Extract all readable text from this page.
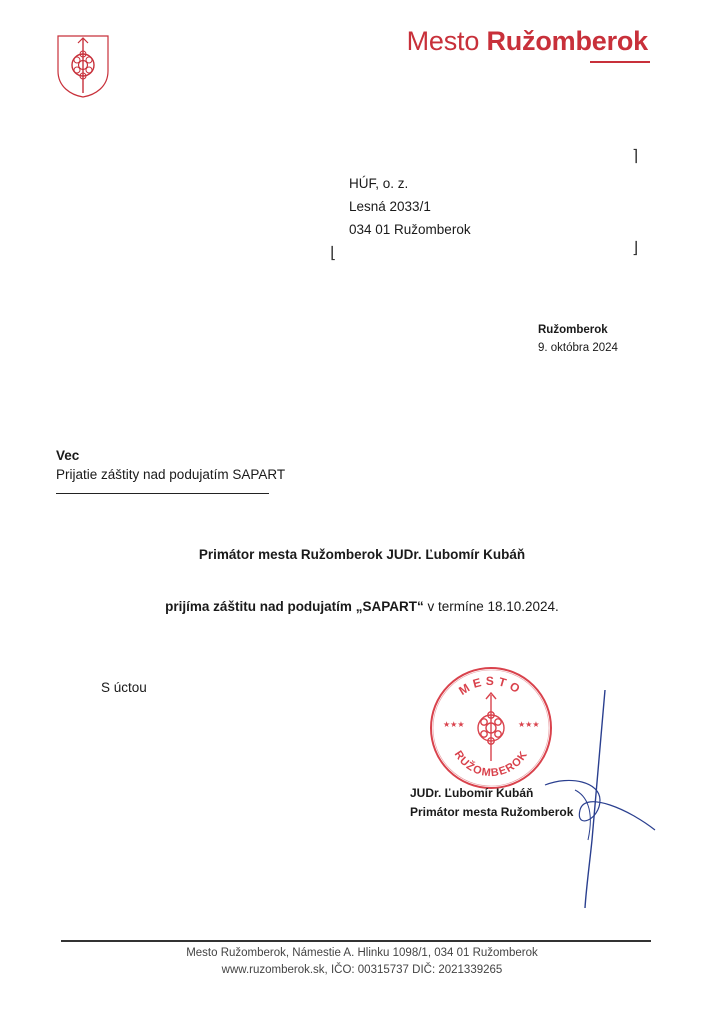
Mesto Ružomberok
⌉
⌊	⌋
HÚF, o. z.
Lesná 2033/1
034 01 Ružomberok
Ružomberok
9. októbra 2024
Vec
Prijatie záštity nad podujatím SAPART
Primátor mesta Ružomberok JUDr. Ľubomír Kubáň
prijíma záštitu nad podujatím „SAPART“ v termíne 18.10.2024.
S úctou	MESTO
RUŽOMBEROK
★★★	★★★
JUDr. Ľubomír Kubáň
Primátor mesta Ružomberok
Mesto Ružomberok, Námestie A. Hlinku 1098/1, 034 01 Ružomberok
www.ruzomberok.sk, IČO: 00315737 DIČ: 2021339265
